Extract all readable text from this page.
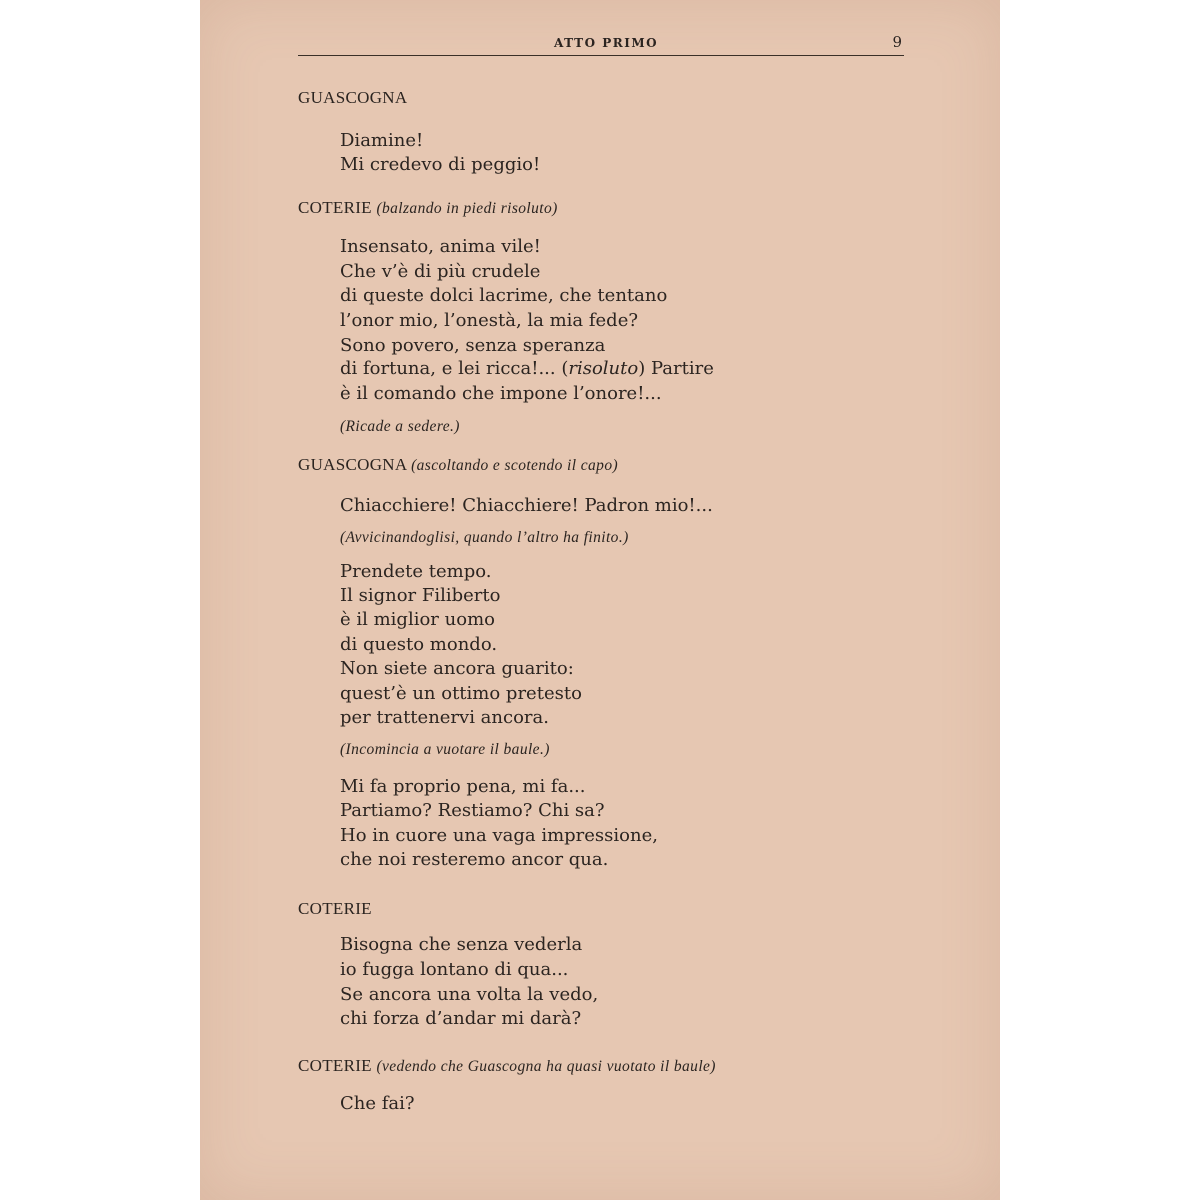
ATTO PRIMO	9
GUASCOGNA
Diamine!
Mi credevo di peggio!
COTERIE (balzando in piedi risoluto)
Insensato, anima vile!
Che v’è di più crudele
di queste dolci lacrime, che tentano
l’onor mio, l’onestà, la mia fede?
Sono povero, senza speranza
di fortuna, e lei ricca!... (risoluto) Partire
è il comando che impone l’onore!...
(Ricade a sedere.)
GUASCOGNA (ascoltando e scotendo il capo)
Chiacchiere! Chiacchiere! Padron mio!...
(Avvicinandoglisi, quando l’altro ha finito.)
Prendete tempo.
Il signor Filiberto
è il miglior uomo
di questo mondo.
Non siete ancora guarito:
quest’è un ottimo pretesto
per trattenervi ancora.
(Incomincia a vuotare il baule.)
Mi fa proprio pena, mi fa...
Partiamo? Restiamo? Chi sa?
Ho in cuore una vaga impressione,
che noi resteremo ancor qua.
COTERIE
Bisogna che senza vederla
io fugga lontano di qua...
Se ancora una volta la vedo,
chi forza d’andar mi darà?
COTERIE (vedendo che Guascogna ha quasi vuotato il baule)
Che fai?
